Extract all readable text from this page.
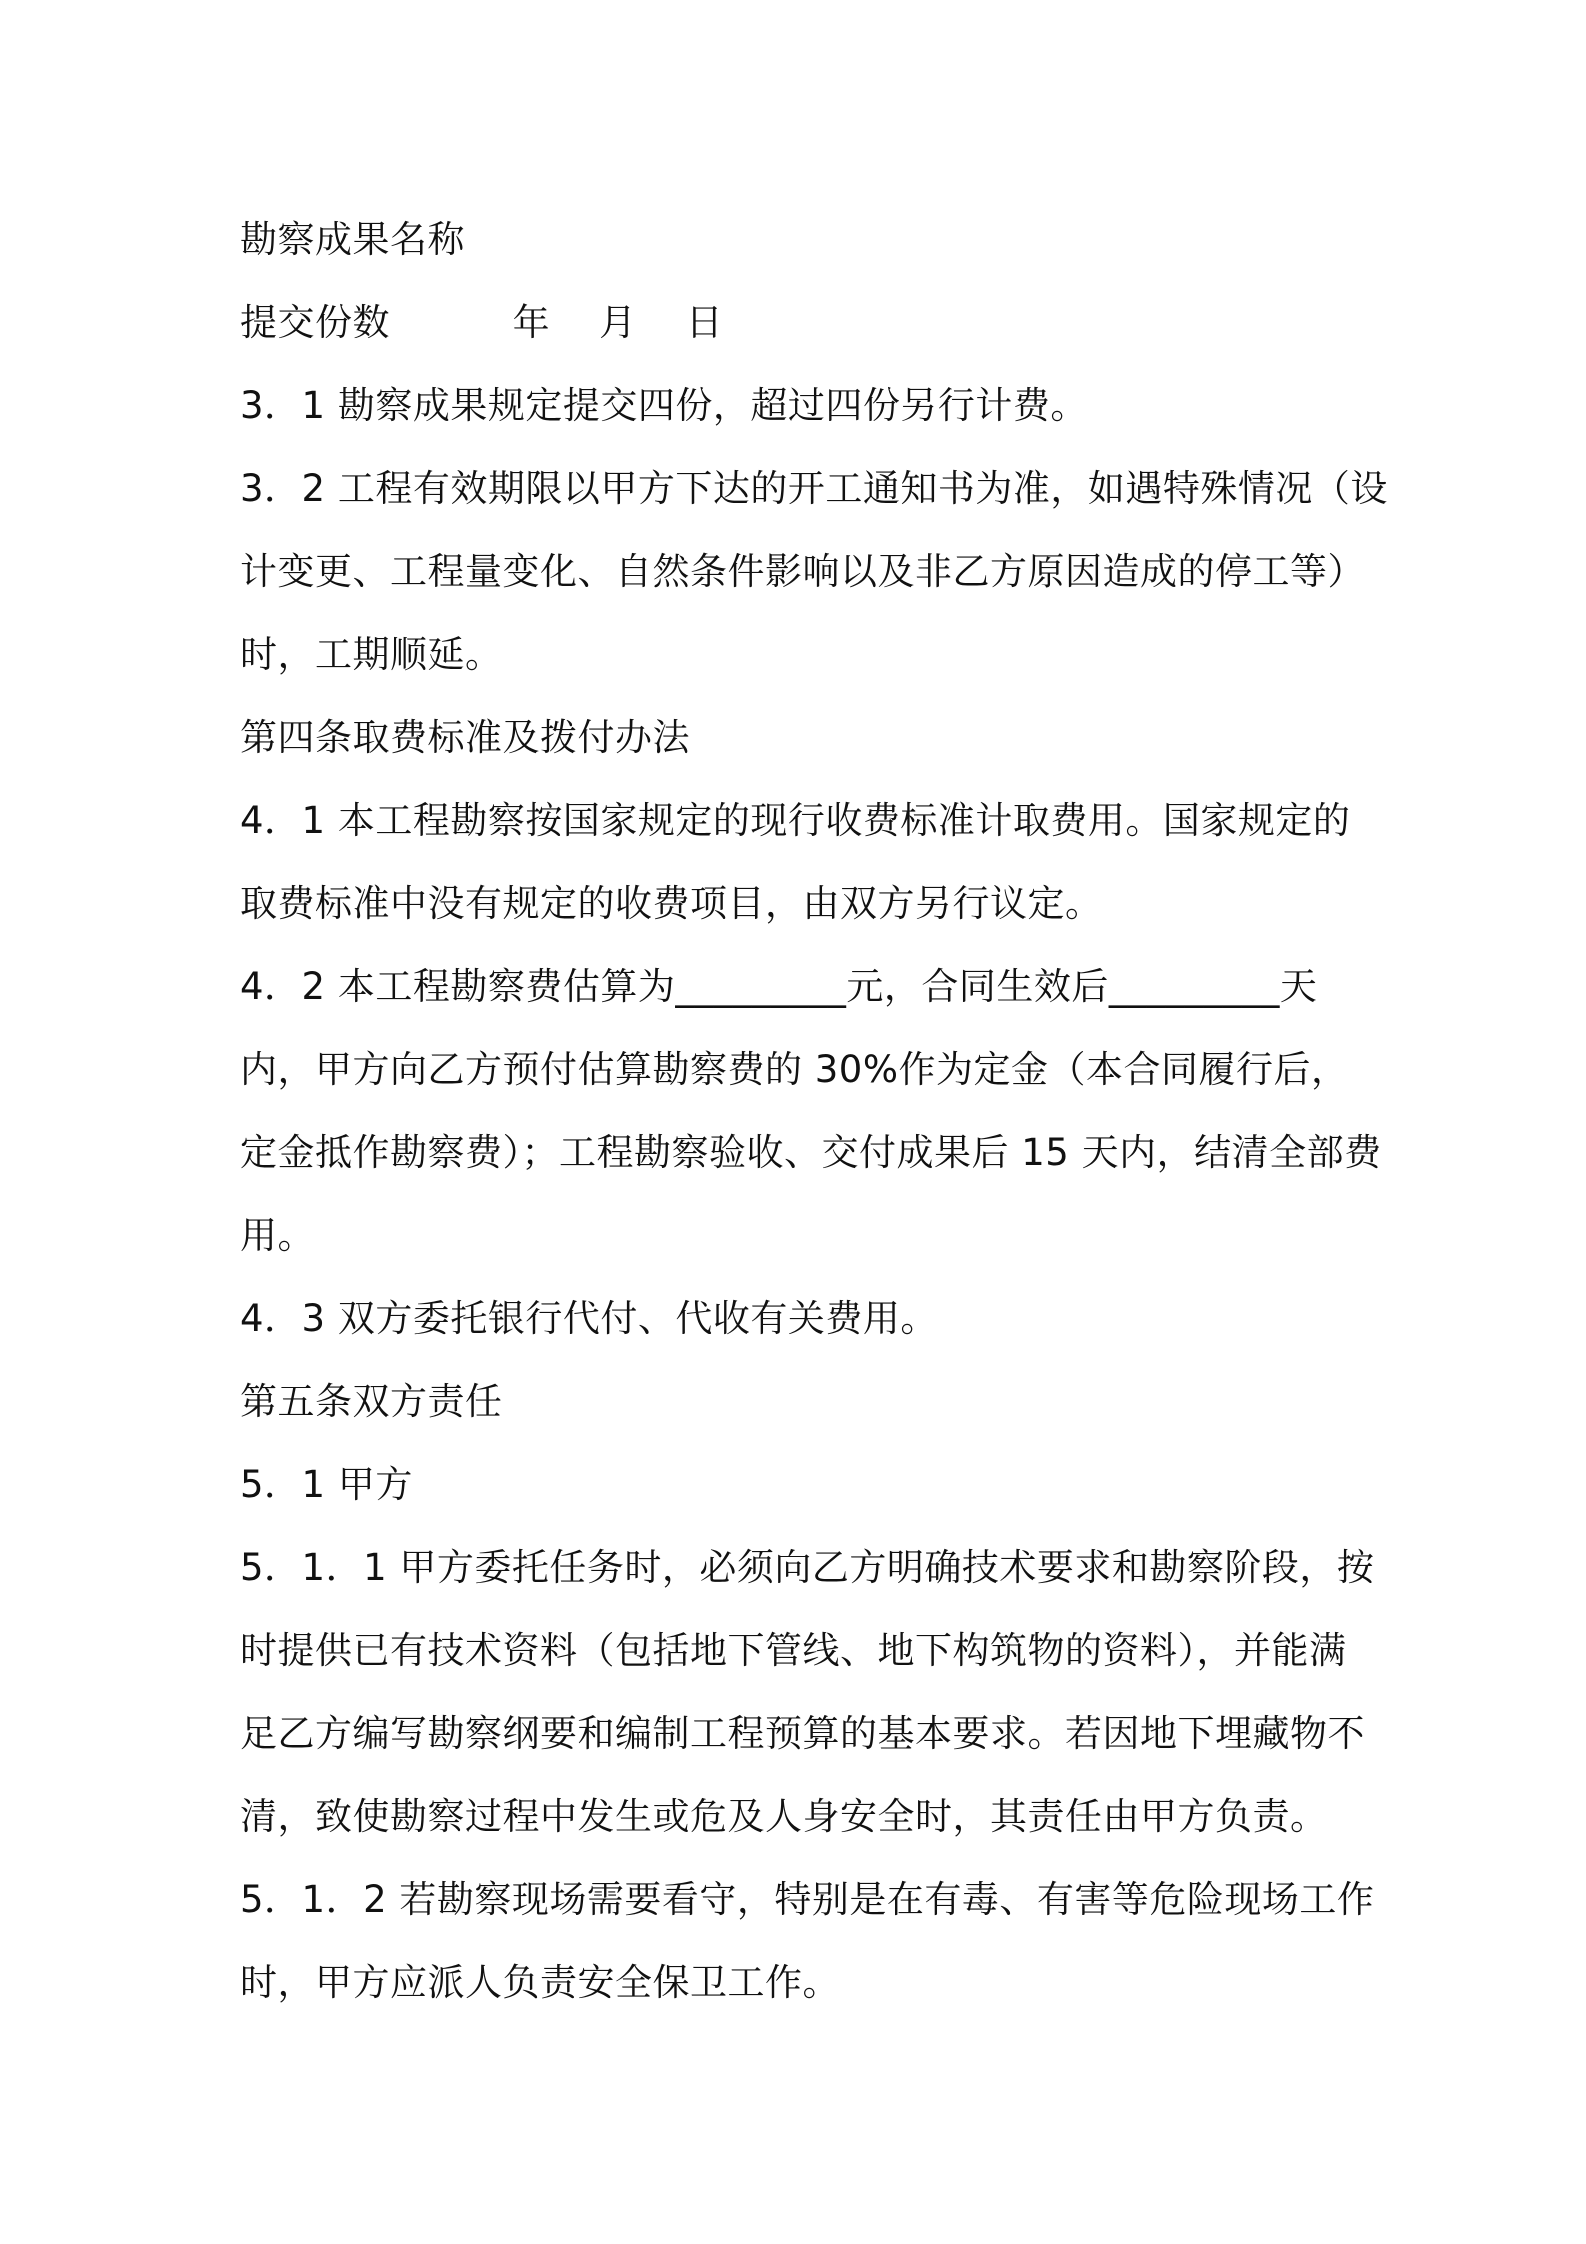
勘察成果名称
提交份数          年    月    日
3．1 勘察成果规定提交四份，超过四份另行计费。
3．2 工程有效期限以甲方下达的开工通知书为准，如遇特殊情况（设
计变更、工程量变化、自然条件影响以及非乙方原因造成的停工等）
时，工期顺延。
第四条取费标准及拨付办法
4．1 本工程勘察按国家规定的现行收费标准计取费用。国家规定的
取费标准中没有规定的收费项目，由双方另行议定。
4．2 本工程勘察费估算为_________元，合同生效后_________天
内，甲方向乙方预付估算勘察费的 30%作为定金（本合同履行后，
定金抵作勘察费）；工程勘察验收、交付成果后 15 天内，结清全部费
用。
4．3 双方委托银行代付、代收有关费用。
第五条双方责任
5．1 甲方
5．1．1 甲方委托任务时，必须向乙方明确技术要求和勘察阶段，按
时提供已有技术资料（包括地下管线、地下构筑物的资料），并能满
足乙方编写勘察纲要和编制工程预算的基本要求。若因地下埋藏物不
清，致使勘察过程中发生或危及人身安全时，其责任由甲方负责。
5．1．2 若勘察现场需要看守，特别是在有毒、有害等危险现场工作
时，甲方应派人负责安全保卫工作。
